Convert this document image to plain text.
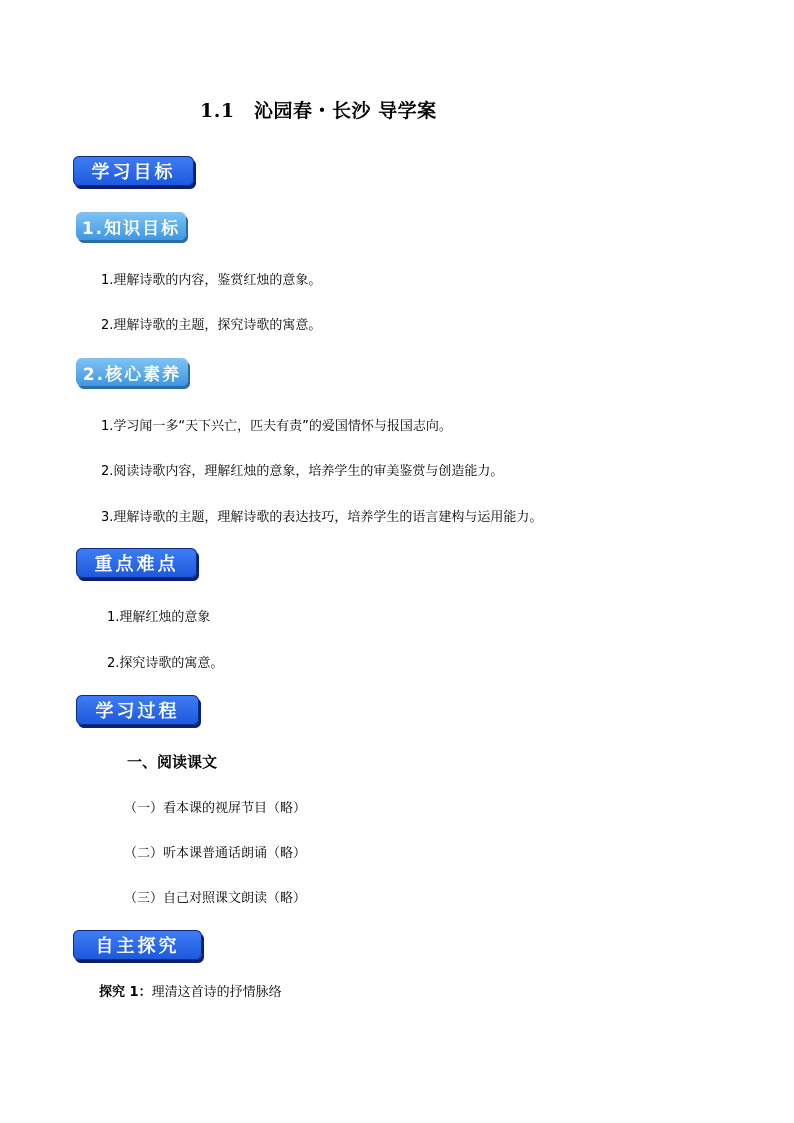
1.1　沁园春・长沙 导学案
学习目标
1.知识目标
1.理解诗歌的内容，鉴赏红烛的意象。
2.理解诗歌的主题，探究诗歌的寓意。
2.核心素养
1.学习闻一多“天下兴亡，匹夫有责”的爱国情怀与报国志向。
2.阅读诗歌内容，理解红烛的意象，培养学生的审美鉴赏与创造能力。
3.理解诗歌的主题，理解诗歌的表达技巧，培养学生的语言建构与运用能力。
重点难点
1.理解红烛的意象
2.探究诗歌的寓意。
学习过程
一、阅读课文
（一）看本课的视屏节目（略）
（二）听本课普通话朗诵（略）
（三）自己对照课文朗读（略）
自主探究
探究 1：理清这首诗的抒情脉络
